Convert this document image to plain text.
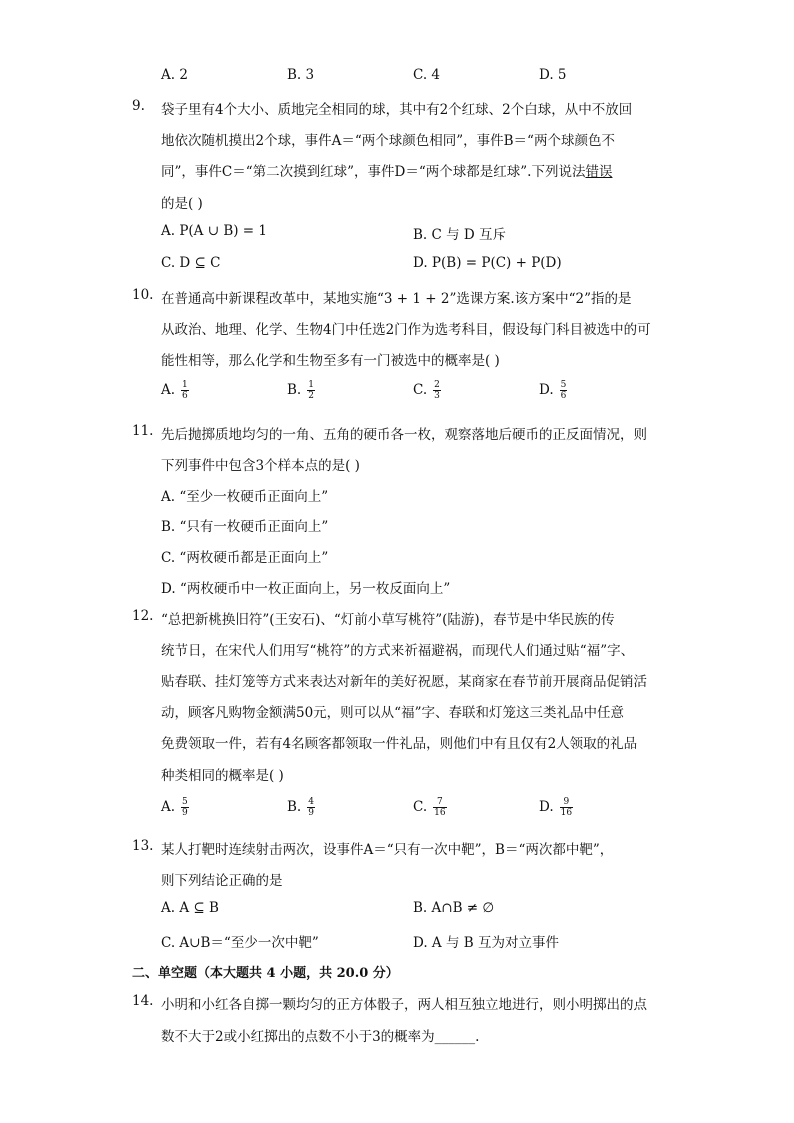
A. 2	B. 3	C. 4	D. 5
9. 袋子里有4个大小、质地完全相同的球，其中有2个红球、2个白球，从中不放回
地依次随机摸出2个球，事件A＝“两个球颜色相同”，事件B＝“两个球颜色不
同”，事件C＝“第二次摸到红球”，事件D＝“两个球都是红球”.下列说法错误
的是( )
A. P(A ∪ B) = 1	B. C 与 D 互斥
C. D ⊆ C	D. P(B) = P(C) + P(D)
10. 在普通高中新课程改革中，某地实施“3 + 1 + 2”选课方案.该方案中“2”指的是
从政治、地理、化学、生物4门中任选2门作为选考科目，假设每门科目被选中的可
能性相等，那么化学和生物至多有一门被选中的概率是( )
A. $\frac{1}{6}$	B. $\frac{1}{2}$	C. $\frac{2}{3}$	D. $\frac{5}{6}$
11. 先后抛掷质地均匀的一角、五角的硬币各一枚，观察落地后硬币的正反面情况，则
下列事件中包含3个样本点的是( )
A. “至少一枚硬币正面向上”
B. “只有一枚硬币正面向上”
C. “两枚硬币都是正面向上”
D. “两枚硬币中一枚正面向上，另一枚反面向上”
12. “总把新桃换旧符”(王安石)、“灯前小草写桃符”(陆游)，春节是中华民族的传
统节日，在宋代人们用写“桃符”的方式来祈福避祸，而现代人们通过贴“福”字、
贴春联、挂灯笼等方式来表达对新年的美好祝愿，某商家在春节前开展商品促销活
动，顾客凡购物金额满50元，则可以从“福”字、春联和灯笼这三类礼品中任意
免费领取一件，若有4名顾客都领取一件礼品，则他们中有且仅有2人领取的礼品
种类相同的概率是( )
A. $\frac{5}{9}$	B. $\frac{4}{9}$	C. $\frac{7}{16}$	D. $\frac{9}{16}$
13. 某人打靶时连续射击两次，设事件A＝“只有一次中靶”，B＝“两次都中靶”，
则下列结论正确的是
A. A ⊆ B	B. A∩B ≠ ∅
C. A∪B＝“至少一次中靶”	D. A 与 B 互为对立事件
二、单空题（本大题共 4 小题，共 20.0 分）
14. 小明和小红各自掷一颗均匀的正方体骰子，两人相互独立地进行，则小明掷出的点
数不大于2或小红掷出的点数不小于3的概率为______.
